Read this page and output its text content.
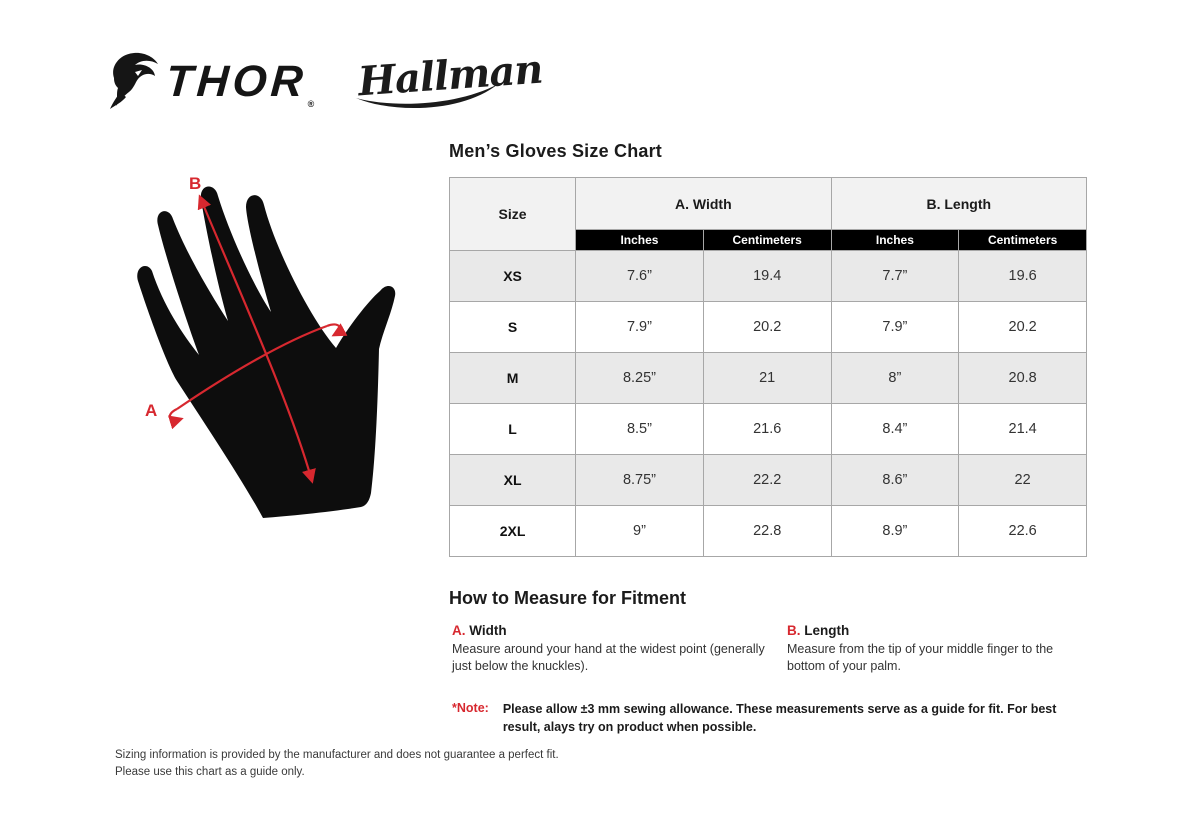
THOR ® Hallman
B
A
Men’s Gloves Size Chart
Size	A. Width		B. Length	
	Inches	Centimeters	Inches	Centimeters
XS	7.6”	19.4	7.7”	19.6
S	7.9”	20.2	7.9”	20.2
M	8.25”	21	8”	20.8
L	8.5”	21.6	8.4”	21.4
XL	8.75”	22.2	8.6”	22
2XL	9”	22.8	8.9”	22.6
How to Measure for Fitment
A. Width
Measure around your hand at the widest point (generally just below the knuckles).
B. Length
Measure from the tip of your middle finger to the bottom of your palm.
*Note: Please allow ±3 mm sewing allowance. These measurements serve as a guide for fit. For best result, alays try on product when possible.
Sizing information is provided by the manufacturer and does not guarantee a perfect fit.
Please use this chart as a guide only.
